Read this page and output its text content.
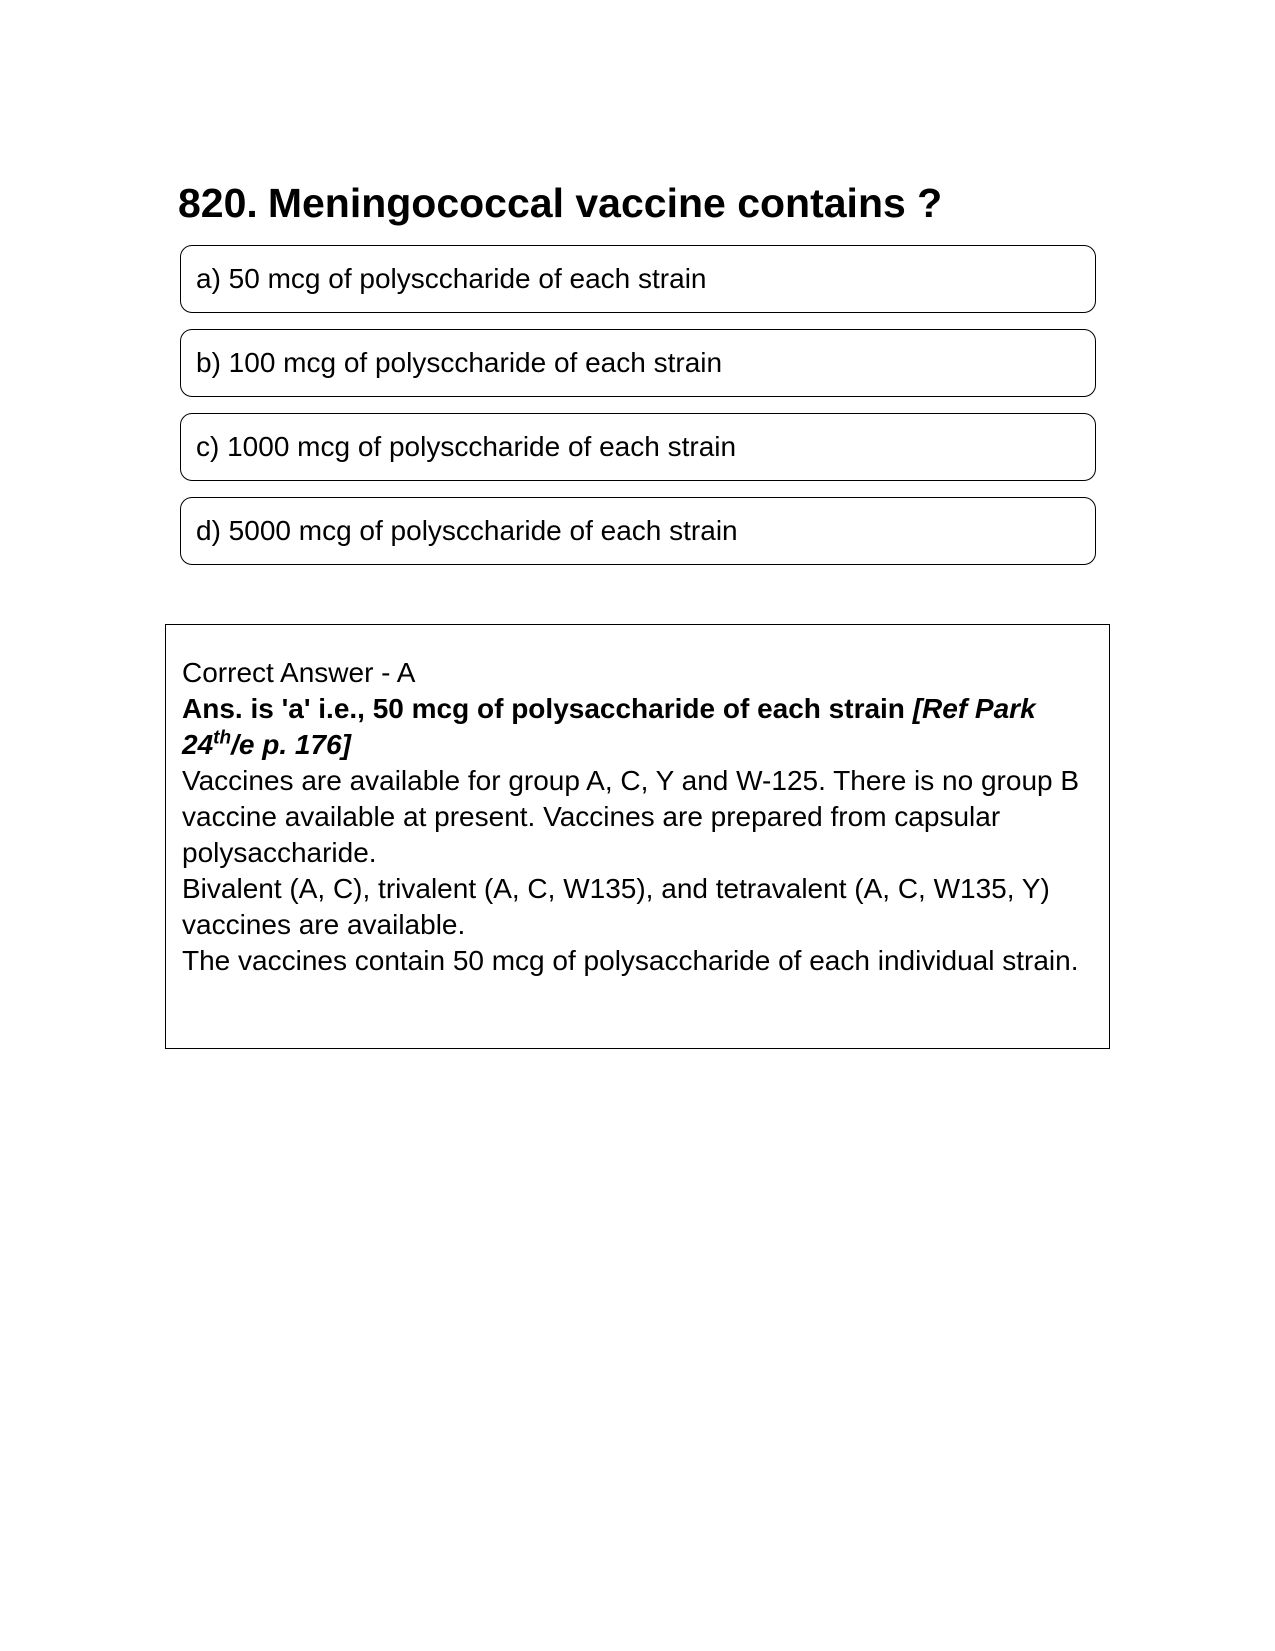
820. Meningococcal vaccine contains ?
a) 50 mcg of polysccharide of each strain
b) 100 mcg of polysccharide of each strain
c) 1000 mcg of polysccharide of each strain
d) 5000 mcg of polysccharide of each strain

Correct Answer - A

Ans. is 'a' i.e., 50 mcg of polysaccharide of each strain [Ref Park 24th/e p. 176]

Vaccines are available for group A, C, Y and W-125. There is no group B vaccine available at present. Vaccines are prepared from capsular polysaccharide.

Bivalent (A, C), trivalent (A, C, W135), and tetravalent (A, C, W135, Y) vaccines are available.

The vaccines contain 50 mcg of polysaccharide of each individual strain.
